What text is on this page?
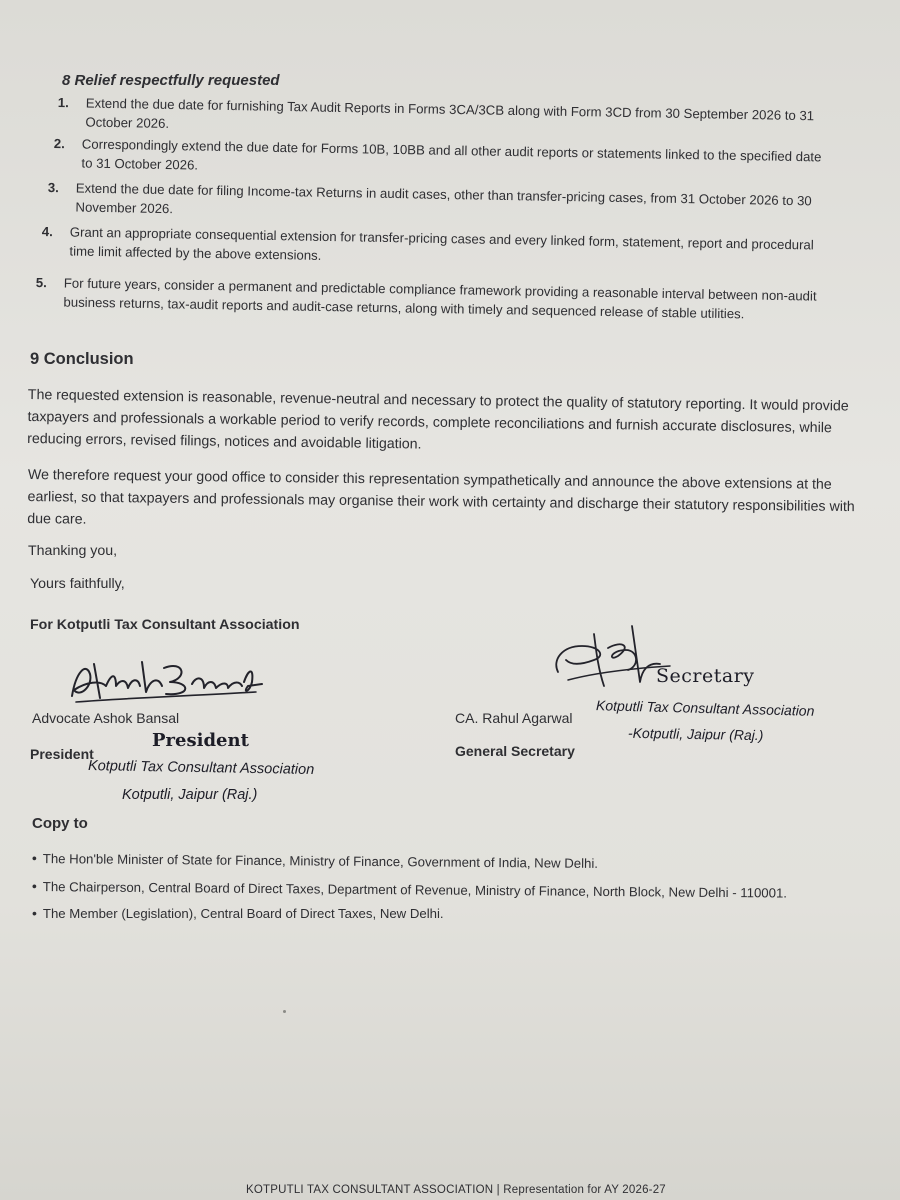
8 Relief respectfully requested
1. Extend the due date for furnishing Tax Audit Reports in Forms 3CA/3CB along with Form 3CD from 30 September 2026 to 31 October 2026.
2. Correspondingly extend the due date for Forms 10B, 10BB and all other audit reports or statements linked to the specified date to 31 October 2026.
3. Extend the due date for filing Income-tax Returns in audit cases, other than transfer-pricing cases, from 31 October 2026 to 30 November 2026.
4. Grant an appropriate consequential extension for transfer-pricing cases and every linked form, statement, report and procedural time limit affected by the above extensions.
5. For future years, consider a permanent and predictable compliance framework providing a reasonable interval between non-audit business returns, tax-audit reports and audit-case returns, along with timely and sequenced release of stable utilities.
9 Conclusion

The requested extension is reasonable, revenue-neutral and necessary to protect the quality of statutory reporting. It would provide taxpayers and professionals a workable period to verify records, complete reconciliations and furnish accurate disclosures, while reducing errors, revised filings, notices and avoidable litigation.

We therefore request your good office to consider this representation sympathetically and announce the above extensions at the earliest, so that taxpayers and professionals may organise their work with certainty and discharge their statutory responsibilities with due care.

Thanking you,
Yours faithfully,
For Kotputli Tax Consultant Association
Advocate Ashok Bansal
President
CA. Rahul Agarwal
General Secretary
President
Kotputli Tax Consultant Association
Kotputli, Jaipur (Raj.)
Secretary
Kotputli Tax Consultant Association
-Kotputli, Jaipur (Raj.)
Copy to
• The Hon'ble Minister of State for Finance, Ministry of Finance, Government of India, New Delhi.
• The Chairperson, Central Board of Direct Taxes, Department of Revenue, Ministry of Finance, North Block, New Delhi - 110001.
• The Member (Legislation), Central Board of Direct Taxes, New Delhi.
KOTPUTLI TAX CONSULTANT ASSOCIATION | Representation for AY 2026-27
